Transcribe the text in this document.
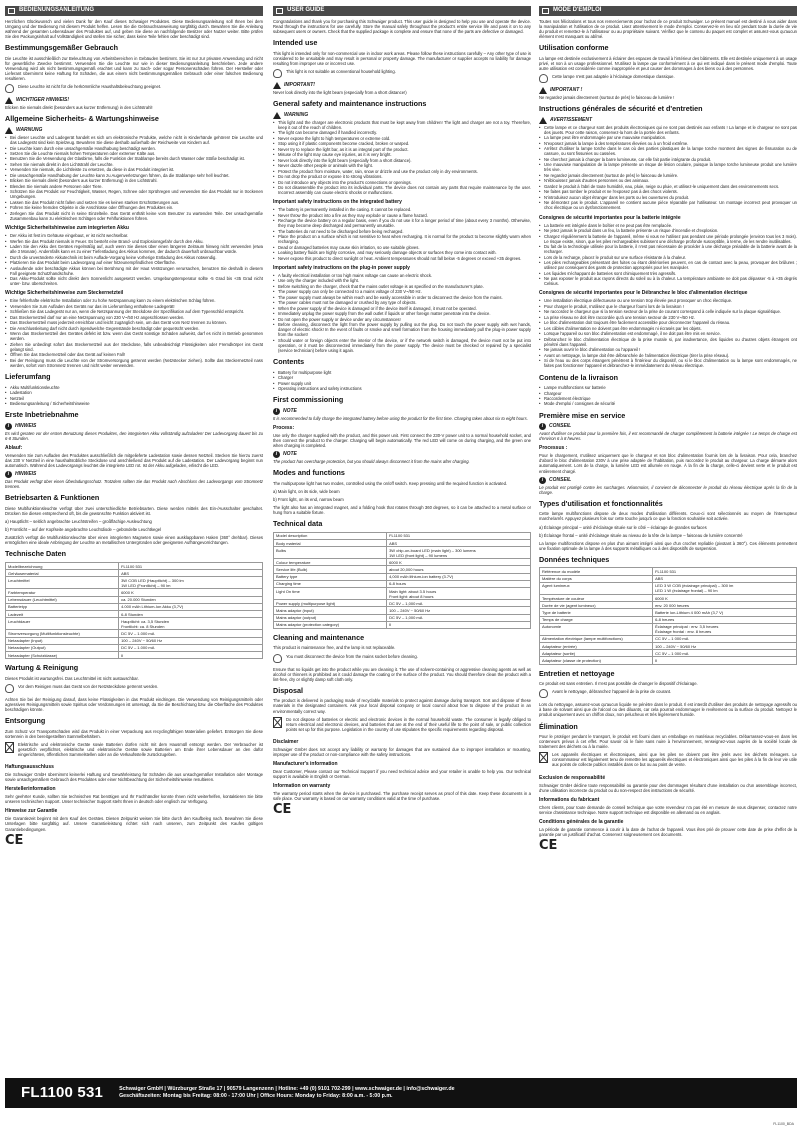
BEDIENUNGSANLEITUNG
Herzlichen Glückwunsch und vielen Dank für den Kauf dieses Schwaiger Produktes. Diese Bedienungsanleitung soll Ihnen bei dem Umgang und der Bedienung mit diesem Produkt helfen. Lesen Sie die Gebrauchsanweisung sorgfältig durch. Bewahren Sie die Anleitung während der gesamten Lebensdauer des Produktes auf, und geben Sie diese an nachfolgende Besitzer oder Nutzer weiter. Bitte prüfen Sie den Packungsinhalt auf Vollständigkeit und stellen Sie sicher, dass keine Teile fehlen oder beschädigt sind.
Bestimmungsgemäßer Gebrauch
Die Leuchte ist ausschließlich zur Beleuchtung von Arbeitsbereichen in Gebäuden bestimmt. Sie ist nur zur privaten Anwendung und nicht für gewerbliche Zwecke bestimmt. Verwenden Sie die Leuchte nur wie in dieser Bedienungsanleitung beschrieben. Jede andere Verwendung wird als nicht bestimmungsgemäß erachtet und kann zu Sach- oder sogar Personenschäden führen. Der Hersteller oder Lieferant übernimmt keine Haftung für Schäden, die aus einem nicht bestimmungsgemäßen Gebrauch oder einer falschen Bedienung resultieren.
Diese Leuchte ist nicht für die herkömmliche Haushaltsbeleuchtung geeignet.
WICHTIGER HINWEIS!
Blicken Sie niemals direkt (besonders aus kurzer Entfernung) in den Lichtstrahl!
Allgemeine Sicherheits- & Wartungshinweise
WARNUNG
• Bei dieser Leuchte und Ladegerät handelt es sich um elektronische Produkte, welche nicht in Kinderhände gehören! Die Leuchte und das Ladegerät sind kein Spielzeug. Bewahren Sie diese deshalb außerhalb der Reichweite von Kindern auf.
• Die Leuchte kann durch eine unsachgemäße Handhabung beschädigt werden.
• Setzen Sie die Leuchte niemals hohen Temperaturen oder extremer Kälte aus.
• Benutzen Sie die Verwendung der Glasbirne, falls die Funktion der Stablampe bereits durch Wasser oder Stöße beschädigt ist.
• Sehen Sie niemals direkt in den Lichtstrahl der Leuchte.
• Verwenden Sie niemals, die Lichtleiste zu ersetzen, da diese in das Produkt integriert ist.
• Die unsachgemäße Handhabung der Leuchte kann zu Augenverletzungen führen, da die Stablampe sehr hell leuchtet.
• Blicken Sie niemals direkt (besonders aus kurzer Entfernung) in den Lichtstrahl.
• Blenden Sie niemals andere Personen oder Tiere.
• Schützen Sie das Produkt vor Feuchtigkeit, Wasser, Regen, Schnee oder Sprühregen und verwenden Sie das Produkt nur in trockenen Umgebungen.
• Lassen Sie das Produkt nicht fallen und setzen Sie es keinen starken Erschütterungen aus.
• Führen Sie keine fremden Objekte in die Anschlüsse oder Öffnungen des Produktes ein.
• Zerlegen Sie das Produkt nicht in seine Einzelteile. Das Gerät enthält keine vom Benutzer zu wartenden Teile. Der unsachgemäße Zusammenbau kann zu elektrischen Schlägen oder Fehlfunktionen führen.
Wichtige Sicherheitshinweise zum integrierten Akku
• Der Akku ist fest im Gehäuse eingebaut, er ist nicht wechselbar.
• Werfen Sie das Produkt niemals in Feuer. Es besteht eine Brand- und Explosionsgefahr durch den Akku.
• Laden Sie den Akku des Gerätes regelmäßig auf, auch wenn Sie dieses über einen längeren Zeitraum hinweg nicht verwenden (etwa alle 3 Monate). Andernfalls kann es zu einer Tiefentladung des Akkus kommen, der dadurch dauerhaft unbrauchbar würde.
• Durch die unveränderte Akkutechnik ist beim Auflade-Vorgang keine vorherige Entladung des Akkus notwendig.
• Platzieren Sie das Produkt beim Ladevorgang auf einer hitzeunempfindlichen Oberfläche.
• Auslaufende oder beschädigte Akkus können bei Berührung mit der Haut Verätzungen verursachen, benutzen Sie deshalb in diesem Fall geeignete Schutzhandschuhe.
• Das Akku-Produkt sollte nicht direkt dem Sonnenlicht ausgesetzt werden. Umgebungstemperatur sollte -5 Grad bis +35 Grad nicht unter- bzw. überschreiten.
Wichtige Sicherheitshinweise zum Steckernetzteil
• Eine fehlerhafte elektrische Installation oder zu hohe Netzspannung kann zu einem elektrischen Schlag führen.
• Verwenden Sie zum Aufladen des Geräts nur das im Lieferumfang enthaltene Ladegerät!
• Schließen Sie das Ladegerät nur an, wenn die Netzspannung der Steckdose der Spezifikation auf dem Typenschild entspricht.
• Das Steckernetzteil darf nur an eine Netzspannung von 230 V~/50 Hz angeschlossen werden.
• Das Steckernetzteil muss jederzeit erreichbar und leicht zugänglich sein, um das Gerät vom Netz trennen zu können.
• Die Anschlussleitung darf nicht durch irgendwelche Gegenstände beschädigt oder gequetscht werden.
• Wenn das Steckernetzteil des Gerätes defekt ist bzw. wenn das Gerät sonstige Schäden aufweist, darf es nicht in Betrieb genommen werden.
• Ziehen Sie unbedingt sofort das Steckernetzteil aus der Steckdose, falls unbeabsichtigt Flüssigkeiten oder Fremdkörper ins Gerät gelangt sind.
• Öffnen Sie das Steckernetzteil oder das Gerät auf keinen Fall!
• Bei der Reinigung muss die Leuchte von der Stromversorgung getrennt werden (Netzstecker ziehen). Sollte das Steckernetzteil nass werden, sofort vom Stromnetz trennen und nicht weiter verwenden.
Lieferumfang
• Akku Multifunktionsleuchte
• Ladestation
• Netzteil
• Bedienungsanleitung / Sicherheitshinweise
Erste Inbetriebnahme
i	HINWEIS
Es wird geraten vor der ersten Benutzung dieses Produktes, den integrierten Akku vollständig aufzuladen! Der Ladevorgang dauert bis zu 6-8 Stunden.
Ablauf:
Verwenden Sie zum Aufladen des Produktes ausschließlich die mitgelieferte Ladestation sowie dessen Netzteil. Stecken Sie hierzu zuerst das 230 V Netzteil in eine haushaltsübliche Steckdose und anschließend das Produkt auf die Ladestation. Der Ladevorgang beginnt nun automatisch. Während des Ladevorgangs leuchtet die integrierte LED rot. Ist der Akku aufgeladen, erlischt die LED.
i	HINWEIS
Das Produkt verfügt über einen Überladungsschutz. Trotzdem sollten Sie das Produkt nach Abschluss des Ladevorgangs vom Stromnetz trennen.
Betriebsarten & Funktionen
Diese Multifunktionsleuchte verfügt über zwei unterschiedliche Betriebsarten. Diese werden mittels des Ein-/Ausschalter geschaltet. Drücken Sie diesen entsprechend oft, bis die gewünschte Funktion aktiviert ist.
a) Hauptlicht – seitlich angebrachte Leuchtstreifen – großflächige Ausleuchtung
b) Frontlicht – auf der Kopfseite angebrachte Leuchtdiode – gebündelte Leuchtkegel
Zusätzlich verfügt die Multifunktionsleuchte über einen integrierten Magneten sowie einen ausklappbaren Haken (360° drehbar). Dieses ermöglichen eine ideale Anbringung der Leuchte an metallischen Untergründen oder geeigneten Aufhängevorrichtungen.
Technische Daten
Modellbezeichnung	FL1100 531
Gehäusematerial	ABS
Leuchtmittel	3W COB LED (Hauptlicht) – 300 lm
1W LED (Frontlicht) – 90 lm
Farbtemperatur	6000 K
Lebensdauer (Leuchtmittel)	ca. 20.000 Stunden
Batterietyp	4.000 mAh Lithium-Ion Akku (3,7V)
Ladezeit	6-8 Stunden
Leuchtdauer	Hauptlicht: ca. 3,5 Stunden
Frontlicht: ca. 8 Stunden
Stromversorgung (Multifunktionsleuchte)	DC 5V – 1.000 mA
Netzadapter (Input)	100 – 240V ~ 50/60 Hz
Netzadapter (Output)	DC 5V – 1.000 mA
Netzadapter (Schutzklasse)	II
Wartung & Reinigung
Dieses Produkt ist wartungsfrei. Das Leuchtmittel ist nicht austauschbar.
Vor dem Reinigen muss das Gerät von der Netzsteckdose getrennt werden.
Achten Sie bei der Reinigung darauf, dass keine Flüssigkeiten in das Produkt eindringen. Die Verwendung von Reinigungsmitteln oder agressiven Reinigungsmitteln sowie Spiritus oder Verdünnungen ist untersagt, da Sie die Beschichtung bzw. die Oberfläche des Produktes beschädigen könnte.
Entsorgung
Zum Schutz vor Transportschäden wird das Produkt in einer Verpackung aus recyclingfähigen Materialien geliefert. Entsorgen Sie diese sortenrein in den bereitgestellten Sammelbehältern.
Elektrische und elektronische Geräte sowie Batterien dürfen nicht mit dem Hausmüll entsorgt werden. Der Verbraucher ist gesetzlich verpflichtet, elektrische und elektronische Geräte sowie Batterien am Ende ihrer Lebensdauer an den dafür eingerichteten, öffentlichen Sammelstellen oder an die Verkaufsstelle zurückzugeben.
Haftungsausschluss
Die Schwaiger GmbH übernimmt keinerlei Haftung und Gewährleistung für Schäden die aus unsachgemäßer Installation oder Montage sowie unsachgemäßem Gebrauch des Produktes oder einer Nichtbeachtung der Sicherheitshinweise resultieren.
Herstellerinformation
Sehr geehrter Kunde, sollten Sie technischen Rat benötigen und Ihr Fachhändler konnte Ihnen nicht weiterhelfen, kontaktieren Sie bitte unseren technischen Support. Unser technischer Support steht Ihnen in deutsch oder englisch zur Verfügung.
Hinweise zur Garantie
Die Garantiezeit beginnt mit dem Kauf des Gerätes. Diesen Zeitpunkt weisen Sie bitte durch den Kaufbeleg nach. Bewahren Sie diese Unterlagen bitte sorgfältig auf. Unsere Garantieleistung richtet sich nach unseren, zum Zeitpunkt des Kaufes gültigen Garantiebedingungen.
CE
USER GUIDE
Congratulations and thank you for purchasing this Schwaiger product. This user guide is designed to help you use and operate the device. Read through the instructions for use carefully. Store the manual safely throughout the product's entire service life and pass it on to any subsequent users or owners. Check that the supplied package is complete and ensure that none of the parts are defective or damaged.
Intended use
This light is intended only for non-commercial use in indoor work areas. Please follow these instructions carefully – Any other type of use is considered to be unsuitable and may result in personal or property damage. The manufacturer or supplier accepts no liability for damage resulting from improper use or incorrect use.
This light is not suitable as conventional household lighting.
IMPORTANT!
Never look directly into the light beam (especially from a short distance!)
General safety and maintenance instructions
WARNING
• This light and the charger are electronic products that must be kept away from children! The light and charger are not a toy. Therefore, keep it out of the reach of children.
• The light can become damaged if handled incorrectly.
• Never expose the light to high temperatures or extreme cold.
• Stop using it if plastic components become cracked, broken or warped.
• Never try to replace the light bar, as it is an integral part of the product.
• Misuse of the light may cause eye injuries, as it is very bright.
• Never look directly into the light beam (especially from a short distance).
• Never dazzle other people or animals with the light.
• Protect the product from moisture, water, rain, snow or drizzle and use the product only in dry environments.
• Do not drop the product or expose it to strong vibrations.
• Do not introduce any objects into the product's connections or openings.
• Do not disassemble the product into its individual parts. The device does not contain any parts that require maintenance by the user. Incorrect assembly can cause electric shocks or malfunctions.
Important safety instructions on the integrated battery
• The battery is permanently installed in the casing. It cannot be replaced.
• Never throw the product into a fire as they may explode or cause a flame hazard.
• Recharge the device battery on a regular basis, even if you do not use it for a longer period of time (about every 3 months). Otherwise, they may become deep discharged and permanently unusable.
• The batteries do not need to be discharged before being recharged.
• Place the product on a surface which is not sensitive to heat when recharging. It is normal for the product to become slightly warm when recharging.
• Dead or damaged batteries may cause skin irritation, so use suitable gloves.
• Leaking battery fluids are highly corrosive, and may seriously damage objects or surfaces they come into contact with.
• Never expose this product to direct sunlight or heat. Ambient temperatures should not fall below -5 degrees or exceed +35 degrees.
Important safety instructions on the plug-in power supply
• A faulty electrical installation or too high mains voltage can cause an electric shock.
• Use only the charger included with the light.
• Before switching on the charger, check that the mains outlet voltage is as specified on the manufacturer's plate.
• The power supply can only be connected to a mains voltage of 230 V~/50 Hz.
• The power supply must always be within reach and be easily accessible in order to disconnect the device from the mains.
• The power cables must not be damaged or crushed by any type of objects.
• When the power supply of the device is damaged or if the device itself is damaged, it must not be operated.
• Immediately unplug the power supply from the wall outlet if liquids or other foreign matter penetrate into the device.
• Do not open the power supply or device under any circumstances!
• Before cleaning, disconnect the light from the power supply by pulling out the plug. Do not touch the power supply with wet hands, danger of electric shock! In the event of faults or smoke and smell formation from the housing immediately pull the plug-in power supply from the socket!
• Should water or foreign objects enter the interior of the device, or if the network switch is damaged, the device must not be put into operation, or it must be disconnected immediately from the power supply. The device must be checked or repaired by a specialist (service technician) before using it again.
Contents
• Battery for multipurpose light
• Charger
• Power supply unit
• Operating instructions and safety instructions
First commissioning
i	NOTE
It is recommended to fully charge the integrated battery before using the product for the first time. Charging takes about six to eight hours.
Process:
Use only the charger supplied with the product, and this power unit. First connect the 230-V power unit to a normal household socket, and then connect the product to the charger. Charging will begin automatically. The red LED will come on during charging, and the green one when charging is completed.
i	NOTE
The product has overcharge protection, but you should always disconnect it from the mains after charging.
Modes and functions
The multipurpose light has two modes, controlled using the on/off switch. Keep pressing until the required function is activated.
a) Main light, on its side, wide beam
b) Front light, on its end, narrow beam
The light also has an integrated magnet, and a folding hook that rotates through 360 degrees, so it can be attached to a metal surface or hung from a suitable fixture.
Technical data
Model description	FL1100 531
Body material	ABS
Bulbs	3W chip-on-board LED (main light) – 300 lumens
1W LED (front light) – 90 lumens
Colour temperature	6000 K
Service life (Bulb)	about 20,000 hours
Battery type	4,000 mAh lithium-ion battery (3.7V)
Charging time	6-8 hours
Light On time	Main light: about 3.5 hours
Front light: about 8 hours
Power supply (multipurpose light)	DC 5V – 1,000 mA
Mains adaptor (input)	100 – 240V ~ 50/60 Hz
Mains adaptor (output)	DC 5V – 1,000 mA
Mains adaptor (protection category)	II
Cleaning and maintenance
This product is maintenance free, and the lamp is not replaceable.
You must disconnect the device from the mains socket before cleaning.
Ensure that no liquids get into the product while you are cleaning it. The use of solvent-containing or aggressive cleaning agents as well as alcohol or thinners is prohibited as it could damage the coating or the surface of the product. You should therefore clean the product with a lint-free, dry or slightly damp soft cloth only.
Disposal
The product is delivered in packaging made of recyclable materials to protect against damage during transport. Sort and dispose of these materials in the designated containers. Ask your local disposal company or local council about how to dispose of the product in an environmentally correct way.
Do not dispose of batteries or electric and electronic devices in the normal household waste. The consumer is legally obliged to return electrical and electronic devices, and batteries that are at the end of their useful life to the point of sale, or public collection points set up for this purpose. Legislation in the country of use stipulates the specific requirements regarding disposal.
Disclaimer
Schwaiger GmbH does not accept any liability or warranty for damages that are sustained due to improper installation or mounting, improper use of the product or non-compliance with the safety instructions.
Manufacturer's information
Dear Customer, Please contact our Technical Support if you need technical advice and your retailer is unable to help you. Our technical support is available in English or German.
Information on warranty
The warranty period starts when the device is purchased. The purchase receipt serves as proof of this date. Keep these documents in a safe place. Our warranty is based on our warranty conditions valid at the time of purchase.
CE
MODE D'EMPLOI
Toutes nos félicitations et tous nos remerciements pour l'achat de ce produit Schwaiger. Le présent manuel est destiné à vous aider dans la manipulation et l'utilisation de ce produit. Lisez attentivement le mode d'emploi. Conservez-le en lieu sûr pendant toute la durée de vie du produit et remettez-le à l'utilisateur ou au propriétaire suivant. Vérifiez que le contenu du paquet est complet et assurez-vous qu'aucun élément n'est manquant ou abîmé.
Utilisation conforme
La lampe est destinée exclusivement à éclairer des espaces de travail à l'intérieur des bâtiments. Elle est destinée uniquement à un usage privé, et non à un usage professionnel. N'utilisez la lampe que conformément à ce qui est indiqué dans le présent mode d'emploi. Toute autre utilisation est considérée comme inappropriée et peut causer des dommages à des biens ou à des personnes.
Cette lampe n'est pas adaptée à l'éclairage domestique classique.
IMPORTANT !
Ne regardez jamais directement (surtout de près) le faisceau de lumière !
Instructions générales de sécurité et d'entretien
AVERTISSEMENT
• Cette lampe et ce chargeur sont des produits électroniques qui ne sont pas destinés aux enfants ! La lampe et le chargeur ne sont pas des jouets. Pour cette raison, conservez-la hors de la portée des enfants.
• La lampe peut être endommagée par une mauvaise manipulation.
• N'exposez jamais la lampe à des températures élevées ou à un froid extrême.
• Arrêtez d'utiliser la lampe torche dans le cas où des parties plastiques de la lampe torche montrent des signes de fissuration ou de cassure, ou sont fissurées ou cassées.
• Ne cherchez jamais à changer la barre lumineuse, car elle fait partie intégrante du produit.
• Une mauvaise manipulation de la lampe présente un risque de lésion oculaire, puisque la lampe torche lumineuse produit une lumière très vive.
• Ne regardez jamais directement (surtout de près) le faisceau de lumière.
• N'éblouissez jamais d'autres personnes ou des animaux.
• Gardez le produit à l'abri de toute humidité, eau, pluie, neige ou pluie, et utilisez-le uniquement dans des environnements secs.
• Ne faites pas tomber le produit et ne l'exposez pas à des chocs violents.
• N'introduisez aucun objet étranger dans les ports ou les ouvertures du produit.
• Ne démontez pas le produit. L'appareil ne contient aucune pièce réparable par l'utilisateur. Un montage incorrect peut provoquer un choc électrique ou un dysfonctionnement.
Consignes de sécurité importantes pour la batterie intégrée
• La batterie est intégrée dans le boîtier et ne peut pas être remplacée.
• Ne jetez jamais le produit dans un feu, la batterie présente un risque d'incendie et d'explosion.
• Chargez régulièrement la batterie de l'appareil, même si vous ne l'utilisez pas pendant une période prolongée (environ tous les 3 mois). Le risque existe, sinon, que les piles rechargeables subissent une décharge profonde susceptible, à terme, de les rendre inutilisables.
• Du fait de la technologie utilisée pour la batterie, il n'est pas nécessaire de procéder à une décharge préalable de la batterie avant de la recharger.
• Lors de la recharge, placez le produit sur une surface résistante à la chaleur.
• Les piles rechargeables présentant des fuites ou étant détériorées peuvent, en cas de contact avec la peau, provoquer des brûlures ; utilisez par conséquent des gants de protection appropriés pour les manipuler.
• Les liquides s'échappant de batteries sont chimiquement très agressifs.
• Ne pas exposer le produit aux rayons directs du soleil ou à la chaleur. La température ambiante ne doit pas dépasser -5 à +35 degrés Celsius.
Consignes de sécurité importantes pour le Débranchez le bloc d'alimentation électrique
• Une installation électrique défectueuse ou une tension trop élevée peut provoquer un choc électrique.
• Pour charger le produit, n'utilisez que le chargeur fourni lors de la livraison !
• Ne raccordez le chargeur que si la tension secteur de la prise de courant correspond à celle indiquée sur la plaque signalétique.
• La prise réseau ne doit être raccordée qu'à une tension secteur de 230 V~/50 Hz.
• Le bloc d'alimentation doit toujours être facilement accessible pour déconnecter l'appareil du réseau.
• Les câbles d'alimentation ne doivent pas être endommagés ni écrasés par les objets.
• Lorsque l'appareil ou son bloc d'alimentation est endommagé, il ne doit pas être mis en service.
• Débranchez le bloc d'alimentation électrique de la prise murale si, par inadvertance, des liquides ou d'autres objets étrangers ont pénétré dans l'appareil.
• Ne jamais ouvrir le bloc d'alimentation ou l'appareil !
• Avant un nettoyage, la lampe doit être débranchée de l'alimentation électrique (tirer la prise réseau).
• Si de l'eau ou des corps étrangers pénètrent à l'intérieur du dispositif, ou si le bloc d'alimentation ou la lampe sont endommagés, ne faites pas fonctionner l'appareil et débranchez-le immédiatement du réseau électrique.
Contenu de la livraison
• Lampe multifonctions sur batterie
• Chargeur
• Raccordement électrique
• Mode d'emploi / consignes de sécurité
Première mise en service
i	CONSEIL
Avant d'utiliser ce produit pour la première fois, il est recommandé de charger complètement la batterie intégrée ! Le temps de charge est d'environ 6 à 8 heures.
Processus :
Pour le chargement, n'utilisez uniquement que le chargeur et son bloc d'alimentation fournis lors de la livraison. Pour cela, branchez d'abord le bloc d'alimentation 230V à une prise adaptée de l'habitation, puis raccordez le produit au chargeur. La charge démarre alors automatiquement. Lors de la charge, la lumière LED est allumée en rouge. À la fin de la charge, celle-ci devient verte et le produit est entièrement chargé.
i	CONSEIL
Le produit est protégé contre les surcharges. Néanmoins, il convient de déconnecter le produit du réseau électrique après la fin de la charge.
Types d'utilisation et fonctionnalités
Cette lampe multifonctions dispose de deux modes d'utilisation différents. Ceux-ci sont sélectionnés au moyen de l'interrupteur marche/arrêt. Appuyez plusieurs fois sur cette touche jusqu'à ce que la fonction souhaitée soit activée.
a) Éclairage principal – unité d'éclairage située sur le côté – éclairage de grandes surfaces
b) Éclairage frontal – unité d'éclairage située au niveau de la tête de la lampe – faisceau de lumière concentré
La lampe multifonctions dispose en plus d'un aimant intégré ainsi que d'un crochet repliable (pivotant à 360°). Ces éléments permettent une fixation optimale de la lampe à des supports métalliques ou à des dispositifs de suspension.
Données techniques
Référence du modèle	FL1100 531
Matière du corps	ABS
Agent lumineux	LED 3 W COB (éclairage principal) – 300 lm
LED 1 W (éclairage frontal) – 90 lm
Température de couleur	6000 K
Durée de vie (agent lumineux)	env. 20 000 heures
Type de batterie	Batterie lon-Lithium 4 000 mAh (3,7 V)
Temps de charge	6-8 heures
Autonomie	Éclairage principal : env. 3,5 heures
Éclairage frontal : env. 8 heures
Alimentation électrique (lampe multifonctions)	CC 5V – 1 000 mA
Adaptateur (entrée)	100 – 240V ~ 50/60 Hz
Adaptateur (sortie)	CC 5V – 1 000 mA
Adaptateur (classe de protection)	II
Entretien et nettoyage
Ce produit est sans entretien. Il n'est pas possible de changer le dispositif d'éclairage.
Avant le nettoyage, débranchez l'appareil de la prise de courant.
Lors du nettoyage, assurez-vous qu'aucun liquide ne pénètre dans le produit. Il est interdit d'utiliser des produits de nettoyage agressifs ou à base de solvant ainsi que de l'alcool ou des diluants, car cela pourrait endommager le revêtement ou la surface du produit. Nettoyez le produit uniquement avec un chiffon doux, non pelucheux et très légèrement humide.
Élimination
Pour le protéger pendant le transport, le produit est fourni dans un emballage en matériaux recyclables. Débarrassez-vous-en dans les conteneurs prévus à cet effet. Pour savoir où le faire sans nuire à l'environnement, renseignez-vous auprès de la société locale de traitement des déchets ou à la mairie.
Les appareils électriques et électroniques, ainsi que les piles ne doivent pas être jetés avec les déchets ménagers. Le consommateur est légalement tenu de remettre les appareils électriques et électroniques ainsi que les piles à la fin de leur vie utile aux points de collecte publics installés dans ce but ou au point de vente.
Exclusion de responsabilité
Schwaiger GmbH décline toute responsabilité ou garantie pour des dommages résultant d'une installation ou d'un assemblage incorrect, d'une utilisation incorrecte du produit ou du non-respect des instructions de sécurité.
Informations du fabricant
Chers clients, pour toute demande de conseil technique que votre revendeur n'a pas été en mesure de vous dispenser, contactez notre service d'assistance technique. Notre support technique est disponible en allemand ou en anglais.
Conditions générales de la garantie
La période de garantie commence à courir à la date de l'achat de l'appareil. Vous êtes prié de prouver cette date de prise d'effet de la garantie par un justificatif d'achat. Conservez soigneusement ces documents.
CE
FL1100 531	Schwaiger GmbH | Würzburger Straße 17 | 90579 Langenzenn | Hotline: +49 (0) 9101 702-299 | www.schwaiger.de | info@schwaiger.de
Geschäftszeiten: Montag bis Freitag: 08:00 - 17:00 Uhr | Office Hours: Monday to Friday: 8:00 a.m. - 5:00 p.m.
FL1100_BDA
